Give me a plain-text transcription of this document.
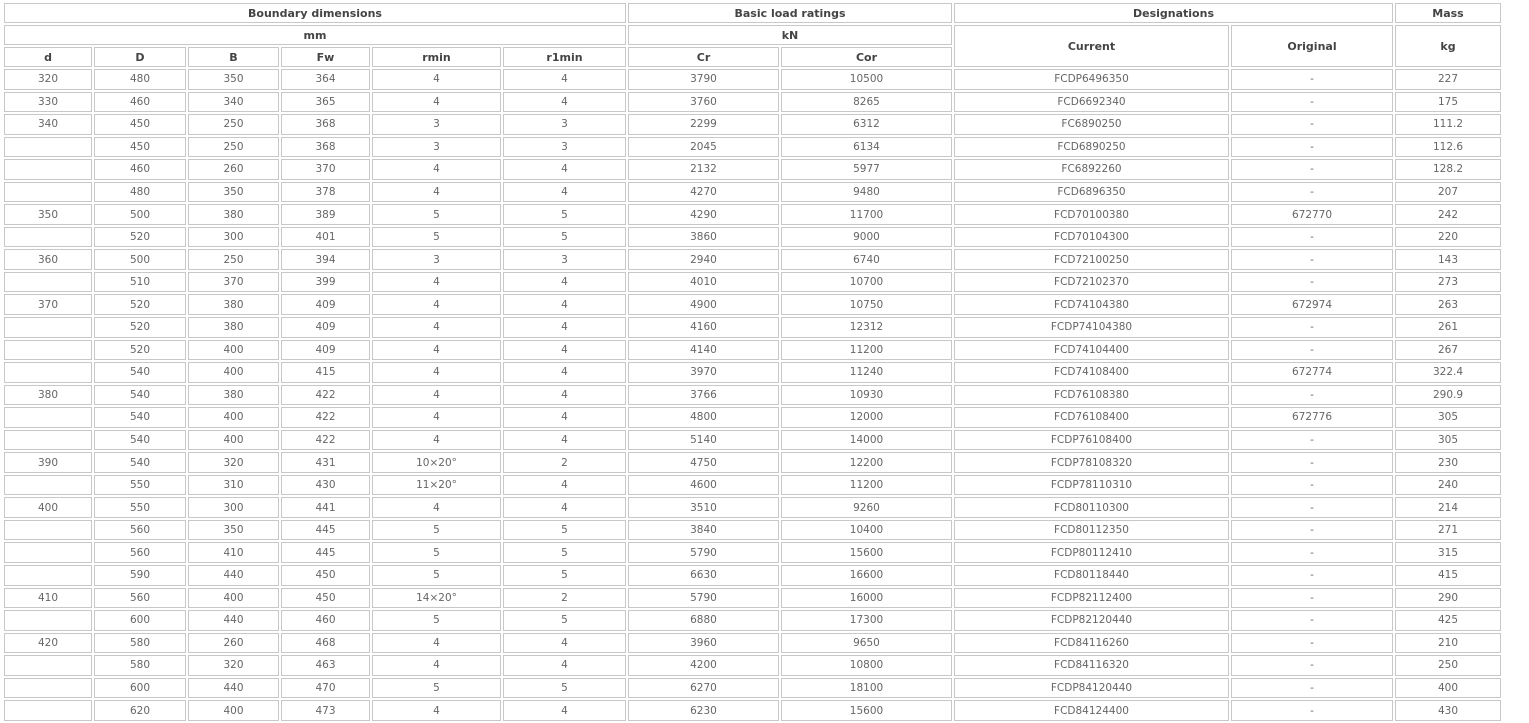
Boundary dimensions						Basic load ratings		Designations		Mass
mm						kN		Current	Original	kg
d	D	B	Fw	rmin	r1min	Cr	Cor			
320	480	350	364	4	4	3790	10500	FCDP6496350	-	227
330	460	340	365	4	4	3760	8265	FCD6692340	-	175
340	450	250	368	3	3	2299	6312	FC6890250	-	111.2
	450	250	368	3	3	2045	6134	FCD6890250	-	112.6
	460	260	370	4	4	2132	5977	FC6892260	-	128.2
	480	350	378	4	4	4270	9480	FCD6896350	-	207
350	500	380	389	5	5	4290	11700	FCD70100380	672770	242
	520	300	401	5	5	3860	9000	FCD70104300	-	220
360	500	250	394	3	3	2940	6740	FCD72100250	-	143
	510	370	399	4	4	4010	10700	FCD72102370	-	273
370	520	380	409	4	4	4900	10750	FCD74104380	672974	263
	520	380	409	4	4	4160	12312	FCDP74104380	-	261
	520	400	409	4	4	4140	11200	FCD74104400	-	267
	540	400	415	4	4	3970	11240	FCD74108400	672774	322.4
380	540	380	422	4	4	3766	10930	FCD76108380	-	290.9
	540	400	422	4	4	4800	12000	FCD76108400	672776	305
	540	400	422	4	4	5140	14000	FCDP76108400	-	305
390	540	320	431	10×20°	2	4750	12200	FCDP78108320	-	230
	550	310	430	11×20°	4	4600	11200	FCDP78110310	-	240
400	550	300	441	4	4	3510	9260	FCD80110300	-	214
	560	350	445	5	5	3840	10400	FCD80112350	-	271
	560	410	445	5	5	5790	15600	FCDP80112410	-	315
	590	440	450	5	5	6630	16600	FCD80118440	-	415
410	560	400	450	14×20°	2	5790	16000	FCDP82112400	-	290
	600	440	460	5	5	6880	17300	FCDP82120440	-	425
420	580	260	468	4	4	3960	9650	FCD84116260	-	210
	580	320	463	4	4	4200	10800	FCD84116320	-	250
	600	440	470	5	5	6270	18100	FCDP84120440	-	400
	620	400	473	4	4	6230	15600	FCD84124400	-	430
